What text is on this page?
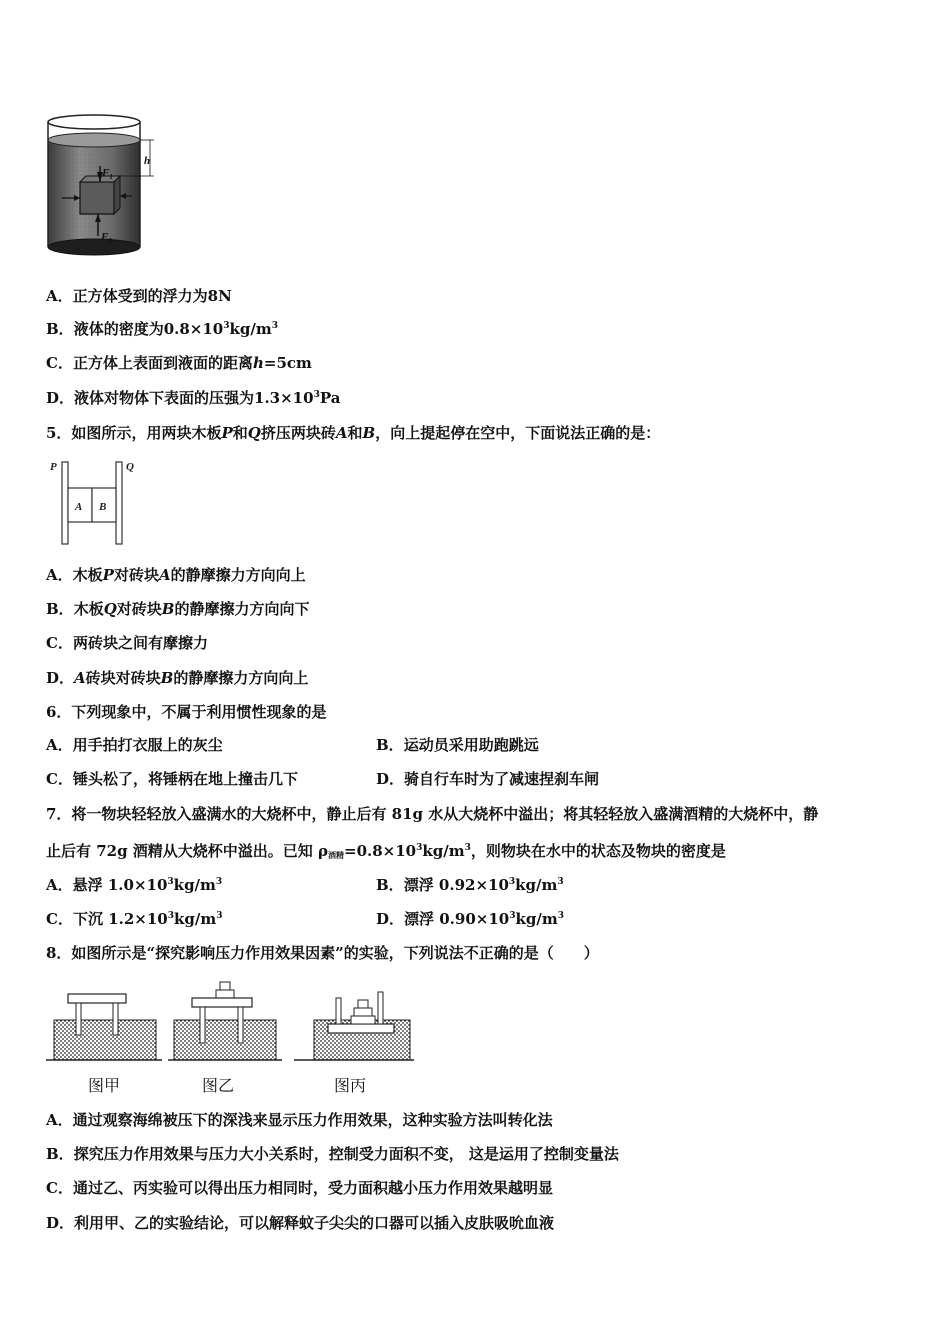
h
$F_1$
$F_2$
A．正方体受到的浮力为8N
B．液体的密度为$0.8\times 10^3kg/m^3$
C．正方体上表面到液面的距离h=5cm
D．液体对物体下表面的压强为$1.3\times 10^3Pa$
5．如图所示，用两块木板P和Q挤压两块砖A和B，向上提起停在空中，下面说法正确的是：
P	Q
A B
A．木板P对砖块A的静摩擦力方向向上
B．木板Q对砖块B的静摩擦力方向向下
C．两砖块之间有摩擦力
D．A砖块对砖块B的静摩擦力方向向上
6．下列现象中，不属于利用惯性现象的是
A．用手拍打衣服上的灰尘	B．运动员采用助跑跳远
C．锤头松了，将锤柄在地上撞击几下	D．骑自行车时为了减速捏刹车闸
7．将一物块轻轻放入盛满水的大烧杯中，静止后有 81g 水从大烧杯中溢出；将其轻轻放入盛满酒精的大烧杯中，静
止后有 72g 酒精从大烧杯中溢出。已知 $\rho_{酒精}=0.8\times 10^3kg/m^3$，则物块在水中的状态及物块的密度是
A．悬浮 $1.0\times 10^3kg/m^3$	B．漂浮 $0.92\times 10^3kg/m^3$
C．下沉 $1.2\times 10^3kg/m^3$	D．漂浮 $0.90\times 10^3kg/m^3$
8．如图所示是“探究影响压力作用效果因素”的实验，下列说法不正确的是（　　）
图甲	图乙	图丙
A．通过观察海绵被压下的深浅来显示压力作用效果，这种实验方法叫转化法
B．探究压力作用效果与压力大小关系时，控制受力面积不变， 这是运用了控制变量法
C．通过乙、丙实验可以得出压力相同时，受力面积越小压力作用效果越明显
D．利用甲、乙的实验结论，可以解释蚊子尖尖的口器可以插入皮肤吸吮血液
